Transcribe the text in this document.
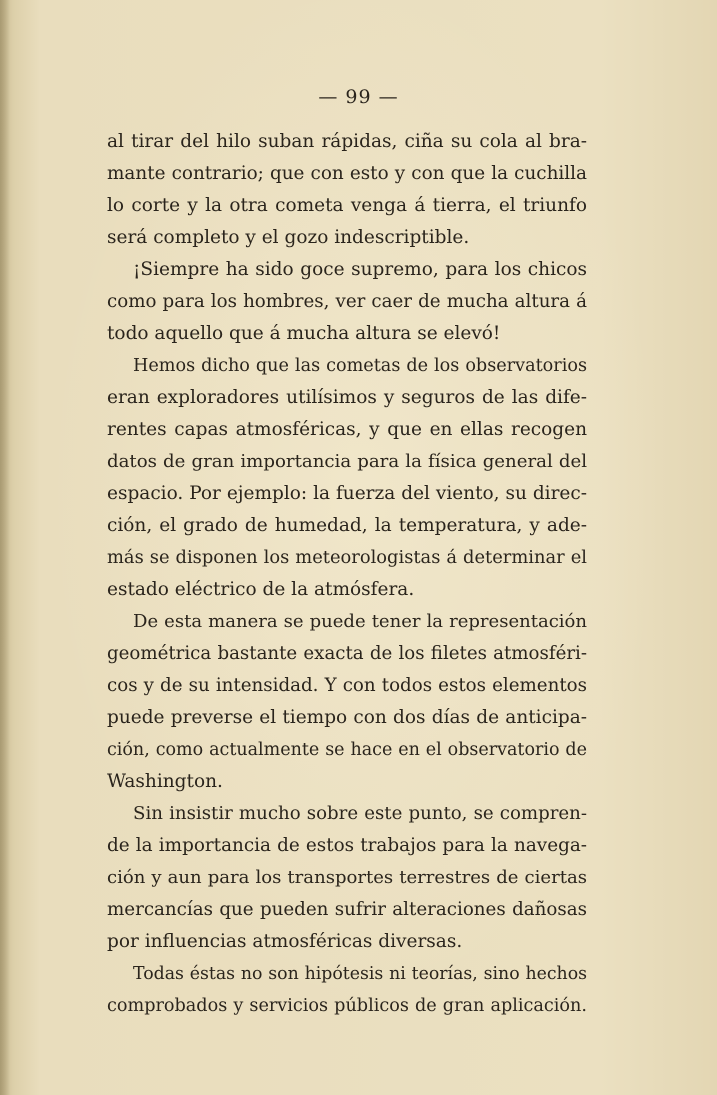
— 99 —
al tirar del hilo suban rápidas, ciña su cola al bra-
mante contrario; que con esto y con que la cuchilla
lo corte y la otra cometa venga á tierra, el triunfo
será completo y el gozo indescriptible.
¡Siempre ha sido goce supremo, para los chicos
como para los hombres, ver caer de mucha altura á
todo aquello que á mucha altura se elevó!
Hemos dicho que las cometas de los observatorios
eran exploradores utilísimos y seguros de las dife-
rentes capas atmosféricas, y que en ellas recogen
datos de gran importancia para la física general del
espacio. Por ejemplo: la fuerza del viento, su direc-
ción, el grado de humedad, la temperatura, y ade-
más se disponen los meteorologistas á determinar el
estado eléctrico de la atmósfera.
De esta manera se puede tener la representación
geométrica bastante exacta de los filetes atmosféri-
cos y de su intensidad. Y con todos estos elementos
puede preverse el tiempo con dos días de anticipa-
ción, como actualmente se hace en el observatorio de
Washington.
Sin insistir mucho sobre este punto, se compren-
de la importancia de estos trabajos para la navega-
ción y aun para los transportes terrestres de ciertas
mercancías que pueden sufrir alteraciones dañosas
por influencias atmosféricas diversas.
Todas éstas no son hipótesis ni teorías, sino hechos
comprobados y servicios públicos de gran aplicación.
